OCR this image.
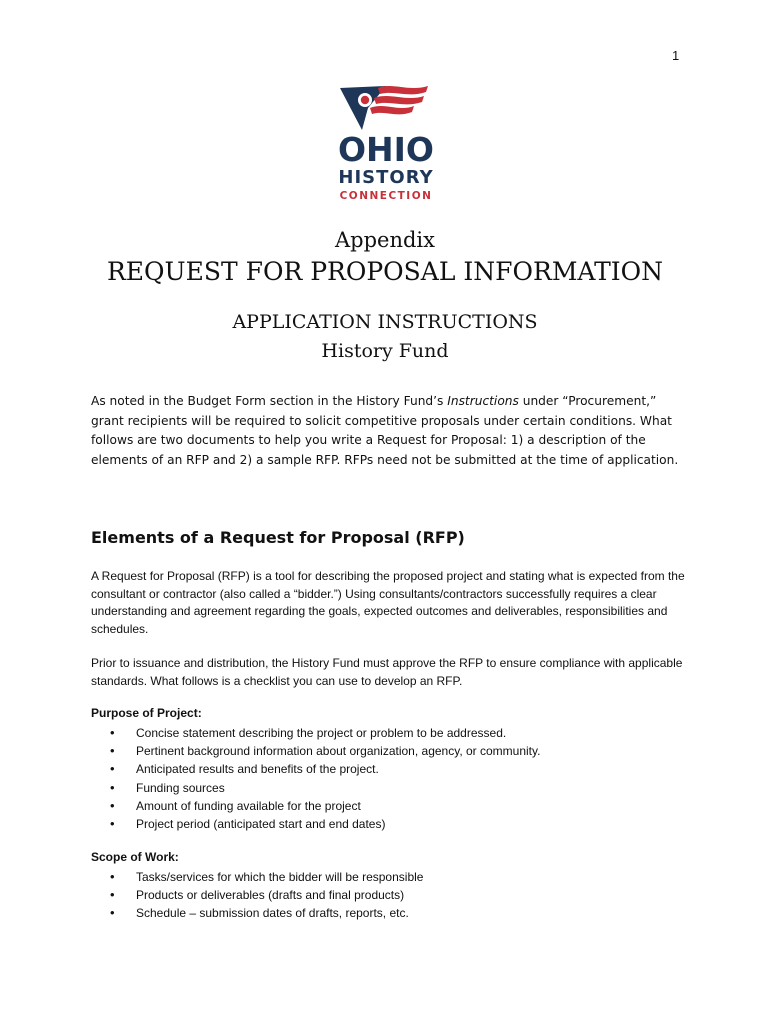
1
OHIO
HISTORY
CONNECTION
Appendix
REQUEST FOR PROPOSAL INFORMATION
APPLICATION INSTRUCTIONS
History Fund
As noted in the Budget Form section in the History Fund’s Instructions under “Procurement,” grant recipients will be required to solicit competitive proposals under certain conditions. What follows are two documents to help you write a Request for Proposal: 1) a description of the elements of an RFP and 2) a sample RFP. RFPs need not be submitted at the time of application.
Elements of a Request for Proposal (RFP)
A Request for Proposal (RFP) is a tool for describing the proposed project and stating what is expected from the consultant or contractor (also called a “bidder.”) Using consultants/contractors successfully requires a clear understanding and agreement regarding the goals, expected outcomes and deliverables, responsibilities and schedules.
Prior to issuance and distribution, the History Fund must approve the RFP to ensure compliance with applicable standards. What follows is a checklist you can use to develop an RFP.
Purpose of Project:
• Concise statement describing the project or problem to be addressed.
• Pertinent background information about organization, agency, or community.
• Anticipated results and benefits of the project.
• Funding sources
• Amount of funding available for the project
• Project period (anticipated start and end dates)
Scope of Work:
• Tasks/services for which the bidder will be responsible
• Products or deliverables (drafts and final products)
• Schedule – submission dates of drafts, reports, etc.
